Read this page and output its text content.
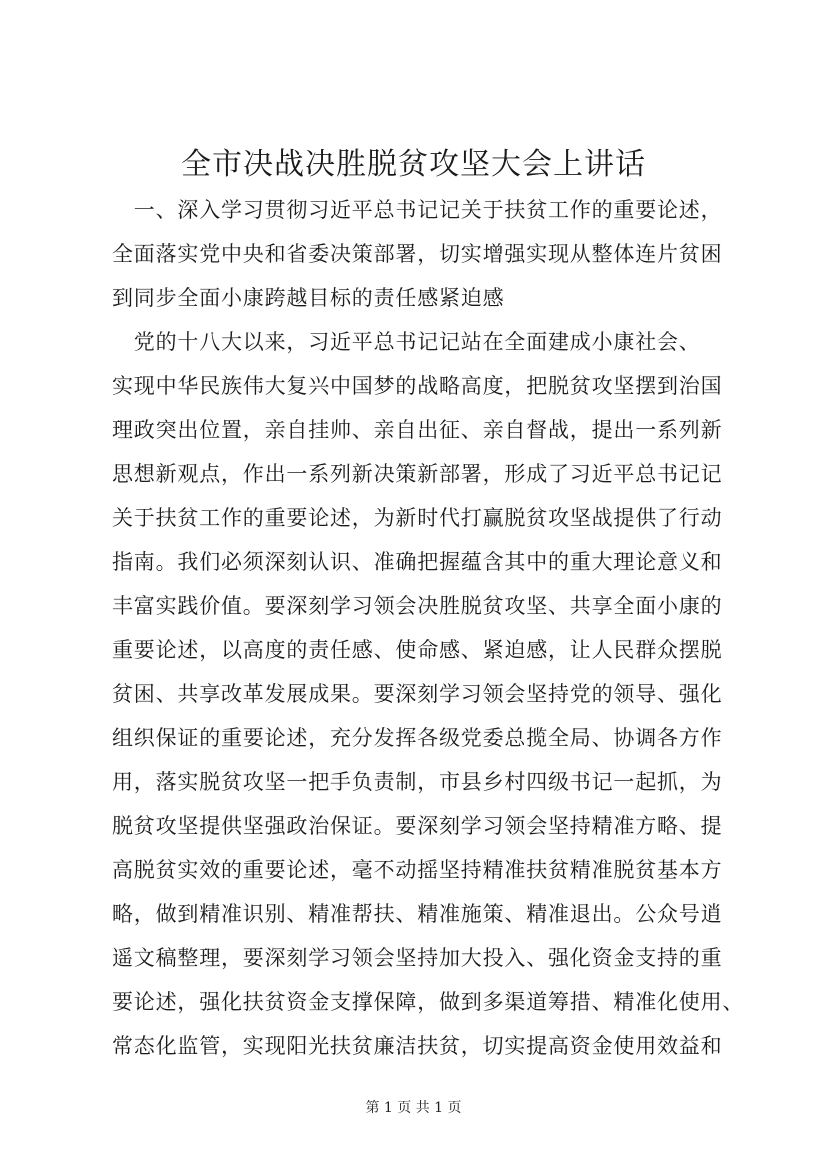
全市决战决胜脱贫攻坚大会上讲话

　一、深入学习贯彻习近平总书记记关于扶贫工作的重要论述，

全面落实党中央和省委决策部署，切实增强实现从整体连片贫困

到同步全面小康跨越目标的责任感紧迫感

　党的十八大以来，习近平总书记记站在全面建成小康社会、

实现中华民族伟大复兴中国梦的战略高度，把脱贫攻坚摆到治国

理政突出位置，亲自挂帅、亲自出征、亲自督战，提出一系列新

思想新观点，作出一系列新决策新部署，形成了习近平总书记记

关于扶贫工作的重要论述，为新时代打赢脱贫攻坚战提供了行动

指南。我们必须深刻认识、准确把握蕴含其中的重大理论意义和

丰富实践价值。要深刻学习领会决胜脱贫攻坚、共享全面小康的

重要论述，以高度的责任感、使命感、紧迫感，让人民群众摆脱

贫困、共享改革发展成果。要深刻学习领会坚持党的领导、强化

组织保证的重要论述，充分发挥各级党委总揽全局、协调各方作

用，落实脱贫攻坚一把手负责制，市县乡村四级书记一起抓，为

脱贫攻坚提供坚强政治保证。要深刻学习领会坚持精准方略、提

高脱贫实效的重要论述，毫不动摇坚持精准扶贫精准脱贫基本方

略，做到精准识别、精准帮扶、精准施策、精准退出。公众号逍

遥文稿整理，要深刻学习领会坚持加大投入、强化资金支持的重

要论述，强化扶贫资金支撑保障，做到多渠道筹措、精准化使用、

常态化监管，实现阳光扶贫廉洁扶贫，切实提高资金使用效益和

第 1 页 共 1 页
